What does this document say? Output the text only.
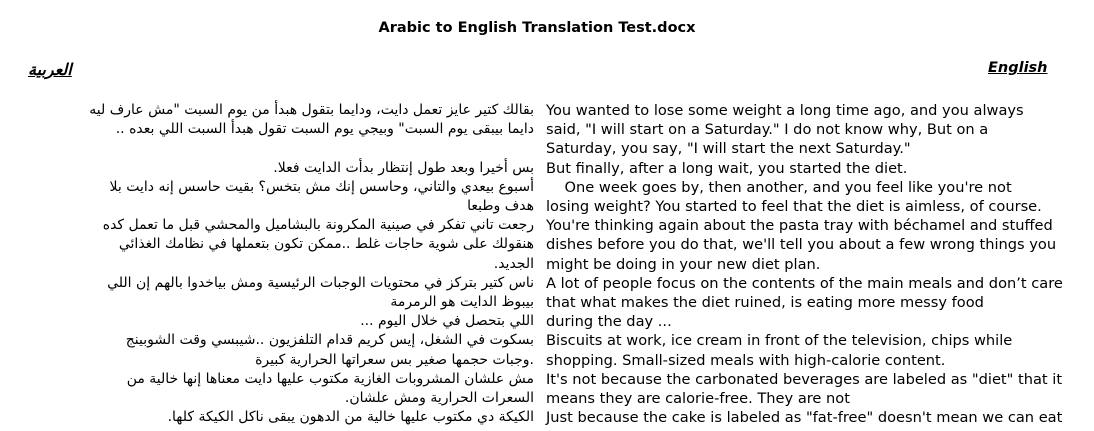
Arabic to English Translation Test.docx
العربية	English
بقالك كتير عايز تعمل دايت، ودايما بتقول هبدأ من يوم السبت "مش عارف ليه
دايما بيبقى يوم السبت" وبيجي يوم السبت تقول هبدأ السبت اللي بعده ..
بس أخيرا وبعد طول إنتظار بدأت الدايت فعلا.
أسبوع بيعدي والتاني، وحاسس إنك مش بتخس؟ بقيت حاسس إنه دايت بلا
هدف وطبعا
رجعت تاني تفكر في صينية المكرونة بالبشاميل والمحشي قبل ما تعمل كده
هنقولك على شوية حاجات غلط ..ممكن تكون بتعملها في نظامك الغذائي
الجديد.
ناس كتير بتركز في محتويات الوجبات الرئيسية ومش بياخدوا بالهم إن اللي
بيبوظ الدايت هو الرمرمة
اللي بتحصل في خلال اليوم ...
بسكوت في الشغل، إيس كريم قدام التلفزيون ..شيبسي وقت الشوبينج
.وجبات حجمها صغير بس سعراتها الحرارية كبيرة
مش علشان المشروبات الغازية مكتوب عليها دايت معناها إنها خالية من
السعرات الحرارية ومش علشان.
الكيكة دي مكتوب عليها خالية من الدهون يبقى ناكل الكيكة كلها.
You wanted to lose some weight a long time ago, and you always
said, "I will start on a Saturday." I do not know why, But on a
Saturday, you say, "I will start the next Saturday."
But finally, after a long wait, you started the diet.
One week goes by, then another, and you feel like you're not
losing weight? You started to feel that the diet is aimless, of course.
You're thinking again about the pasta tray with béchamel and stuffed
dishes before you do that, we'll tell you about a few wrong things you
might be doing in your new diet plan.
A lot of people focus on the contents of the main meals and don’t care
that what makes the diet ruined, is eating more messy food
during the day ...
Biscuits at work, ice cream in front of the television, chips while
shopping. Small-sized meals with high-calorie content.
It's not because the carbonated beverages are labeled as "diet" that it
means they are calorie-free. They are not
Just because the cake is labeled as "fat-free" doesn't mean we can eat
